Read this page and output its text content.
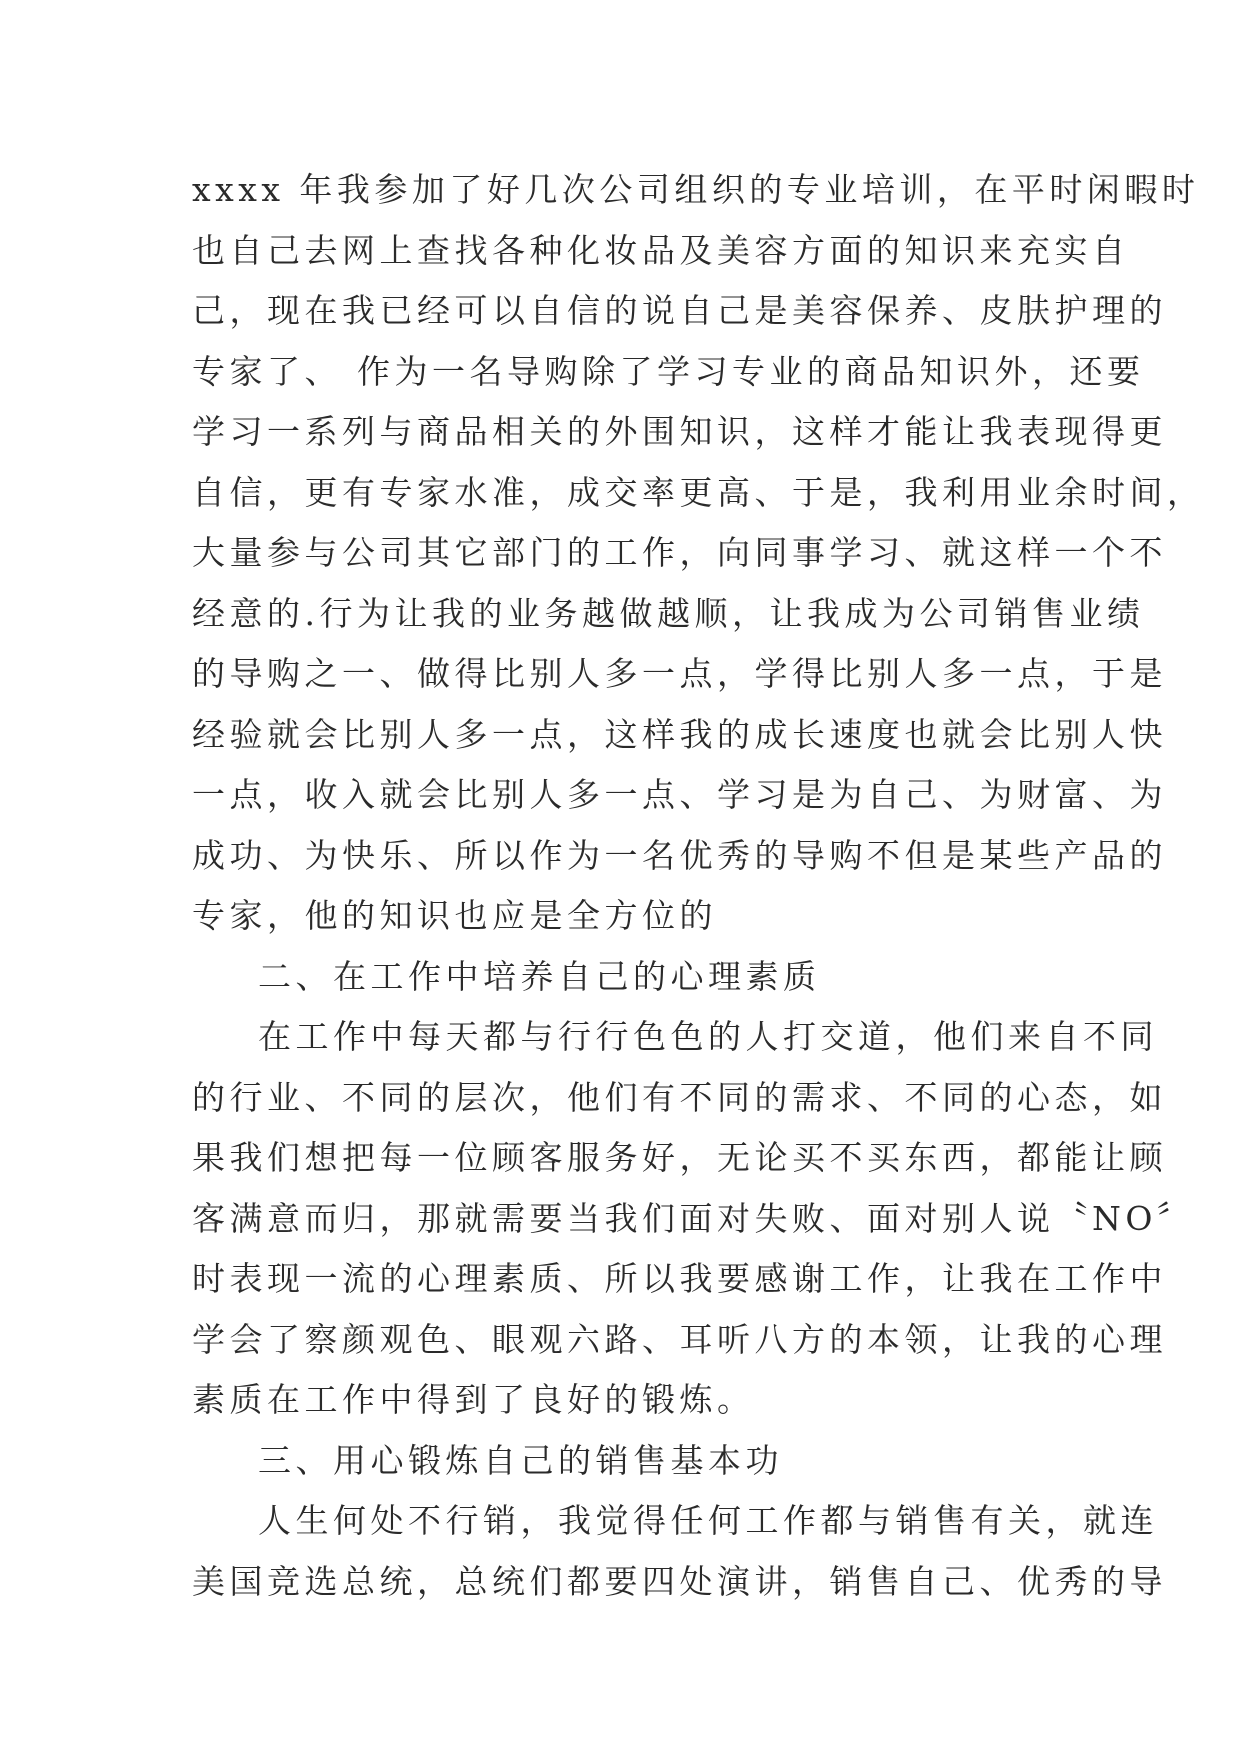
xxxx 年我参加了好几次公司组织的专业培训，在平时闲暇时
也自己去网上查找各种化妆品及美容方面的知识来充实自
己，现在我已经可以自信的说自己是美容保养、皮肤护理的
专家了、 作为一名导购除了学习专业的商品知识外，还要
学习一系列与商品相关的外围知识，这样才能让我表现得更
自信，更有专家水准，成交率更高、于是，我利用业余时间，
大量参与公司其它部门的工作，向同事学习、就这样一个不
经意的.行为让我的业务越做越顺，让我成为公司销售业绩
的导购之一、做得比别人多一点，学得比别人多一点，于是
经验就会比别人多一点，这样我的成长速度也就会比别人快
一点，收入就会比别人多一点、学习是为自己、为财富、为
成功、为快乐、所以作为一名优秀的导购不但是某些产品的
专家，他的知识也应是全方位的
二、在工作中培养自己的心理素质
在工作中每天都与行行色色的人打交道，他们来自不同
的行业、不同的层次，他们有不同的需求、不同的心态，如
果我们想把每一位顾客服务好，无论买不买东西，都能让顾
客满意而归，那就需要当我们面对失败、面对别人说〝NO〞
时表现一流的心理素质、所以我要感谢工作，让我在工作中
学会了察颜观色、眼观六路、耳听八方的本领，让我的心理
素质在工作中得到了良好的锻炼。
三、用心锻炼自己的销售基本功
人生何处不行销，我觉得任何工作都与销售有关，就连
美国竞选总统，总统们都要四处演讲，销售自己、优秀的导
